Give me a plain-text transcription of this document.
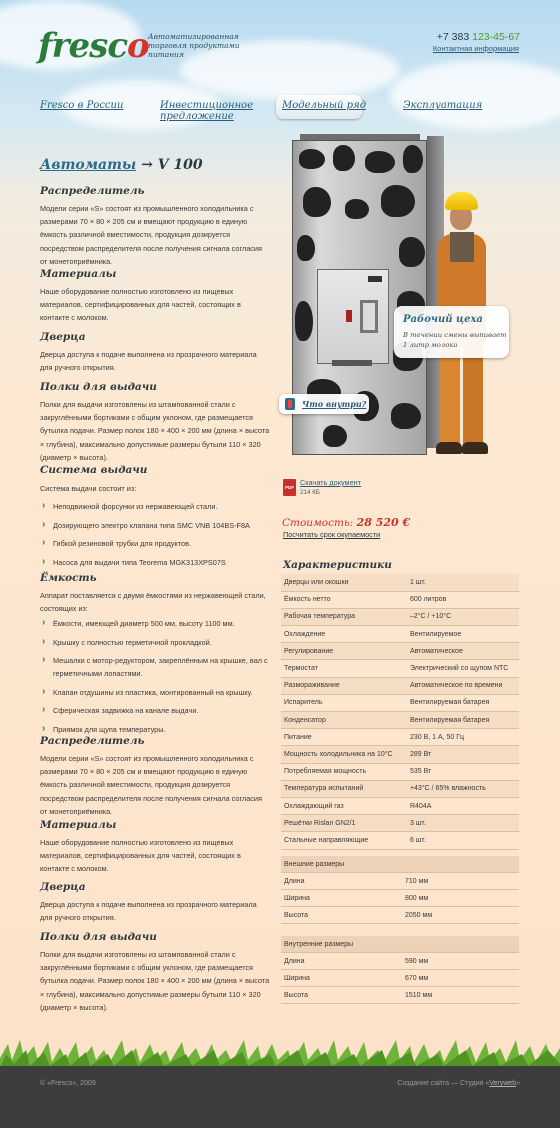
fresco Автоматизированная торговля продуктами питания
+7 383 123-45-67
Контактная информация
Fresco в России	Инвестиционное предложение
Модельный ряд	Эксплуатация
Автоматы → V 100
Распределитель
Модели серии «S» состоят из промышленного холодильника с размерами 70 × 80 × 205 см и вмещают продукцию в единую ёмкость различной вместимости, продукция дозируется посредством распределителя после получения сигнала согласия от монетоприёмника.
Материалы
Наше оборудование полностью изготовлено из пищевых материалов, сертифицированных для частей, состоящих в контакте с молоком.
Дверца
Дверца доступа к подаче выполнена из прозрачного материала для ручного открытия.
Полки для выдачи
Полки для выдачи изготовлены из штампованной стали с закруглёнными бортиками с общим уклоном, где размещается бутылка подачи. Размер полок 180 × 400 × 200 мм (длина × высота × глубина), максимально допустимые размеры бутыли 110 × 320 (диаметр × высота).
Система выдачи
Система выдачи состоит из:
› Неподвижной форсунки из нержавеющей стали.
› Дозирующего электро клапана типа SMC VNB 104BS-F8A
› Гибкой резиновой трубки для продуктов.
› Насоса для выдачи типа Teorema MGK313XPS07S
Ёмкость
Аппарат поставляется с двумя ёмкостями из нержавеющей стали, состоящих из:
› Ёмкости, имеющей диаметр 500 мм, высоту 1100 мм.
› Крышку с полностью герметичной прокладкой.
› Мешалки с мотор-редуктором, закреплённым на крышке, вал с герметичными лопастями.
› Клапан отдушины из пластика, монтированный на крышку.
› Сферическая задвижка на канале выдачи.
› Приямок для щупа температуры.
Распределитель
Модели серии «S» состоят из промышленного холодильника с размерами 70 × 80 × 205 см и вмещают продукцию в единую ёмкость различной вместимости, продукция дозируется посредством распределителя после получения сигнала согласия от монетоприёмника.
Материалы
Наше оборудование полностью изготовлено из пищевых материалов, сертифицированных для частей, состоящих в контакте с молоком.
Дверца
Дверца доступа к подаче выполнена из прозрачного материала для ручного открытия.
Полки для выдачи
Полки для выдачи изготовлены из штампованной стали с закруглёнными бортиками с общим уклоном, где размещается бутылка подачи. Размер полок 180 × 400 × 200 мм (длина × высота × глубина), максимально допустимые размеры бутыли 110 × 320 (диаметр × высота).
Рабочий цеха
В течении смены выпивает 1 литр молока
Что внутри?
PDF
Скачать документ
214 КБ
Стоимость: 28 520 €
Посчитать срок окупаемости
Характеристики
Дверцы или окошки	1 шт.
Ёмкость нетто	600 литров
Рабочая температура	–2°C / +10°C
Охлаждение	Вентилируемое
Регулирование	Автоматическое
Термостат	Электрический со щупом NTC
Размораживание	Автоматическое по времени
Испаритель	Вентилируемая батарея
Конденсатор	Вентилируемая батарея
Питание	230 В, 1 А, 50 Гц
Мощность холодильника на 10°C	289 Вт
Потребляемая мощность	535 Вт
Температура испытаний	+43°C / 65% влажность
Охлаждающий газ	R404A
Решётки Rislan GN2/1	3 шт.
Стальные направляющие	6 шт.
Внешние размеры
Длина	710 мм
Ширина	800 мм
Высота	2050 мм
Внутренние размеры
Длина	590 мм
Ширина	670 мм
Высота	1510 мм
© «Fresco», 2009	Создание сайта — Студия «Veryweb»
